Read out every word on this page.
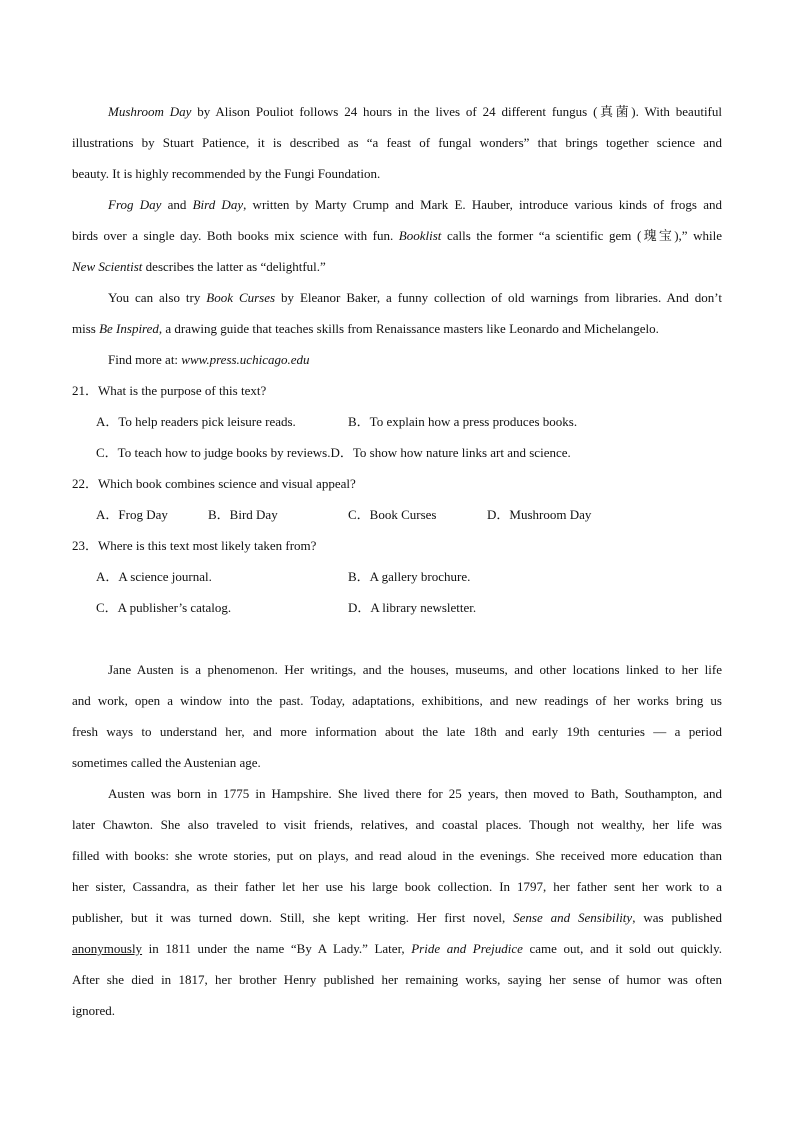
Mushroom Day by Alison Pouliot follows 24 hours in the lives of 24 different fungus (真菌). With beautiful
illustrations by Stuart Patience, it is described as “a feast of fungal wonders” that brings together science and
beauty. It is highly recommended by the Fungi Foundation.
Frog Day and Bird Day, written by Marty Crump and Mark E. Hauber, introduce various kinds of frogs and
birds over a single day. Both books mix science with fun. Booklist calls the former “a scientific gem (瑰宝),” while
New Scientist describes the latter as “delightful.”
You can also try Book Curses by Eleanor Baker, a funny collection of old warnings from libraries. And don’t
miss Be Inspired, a drawing guide that teaches skills from Renaissance masters like Leonardo and Michelangelo.
Find more at: www.press.uchicago.edu
21．What is the purpose of this text?
A．To help readers pick leisure reads.	B．To explain how a press produces books.
C．To teach how to judge books by reviews.D．To show how nature links art and science.
22．Which book combines science and visual appeal?
A．Frog Day	B．Bird Day	C．Book Curses	D．Mushroom Day
23．Where is this text most likely taken from?
A．A science journal.	B．A gallery brochure.
C．A publisher’s catalog.	D．A library newsletter.
Jane Austen is a phenomenon. Her writings, and the houses, museums, and other locations linked to her life
and work, open a window into the past. Today, adaptations, exhibitions, and new readings of her works bring us
fresh ways to understand her, and more information about the late 18th and early 19th centuries — a period
sometimes called the Austenian age.
Austen was born in 1775 in Hampshire. She lived there for 25 years, then moved to Bath, Southampton, and
later Chawton. She also traveled to visit friends, relatives, and coastal places. Though not wealthy, her life was
filled with books: she wrote stories, put on plays, and read aloud in the evenings. She received more education than
her sister, Cassandra, as their father let her use his large book collection. In 1797, her father sent her work to a
publisher, but it was turned down. Still, she kept writing. Her first novel, Sense and Sensibility, was published
anonymously in 1811 under the name “By A Lady.” Later, Pride and Prejudice came out, and it sold out quickly.
After she died in 1817, her brother Henry published her remaining works, saying her sense of humor was often
ignored.
